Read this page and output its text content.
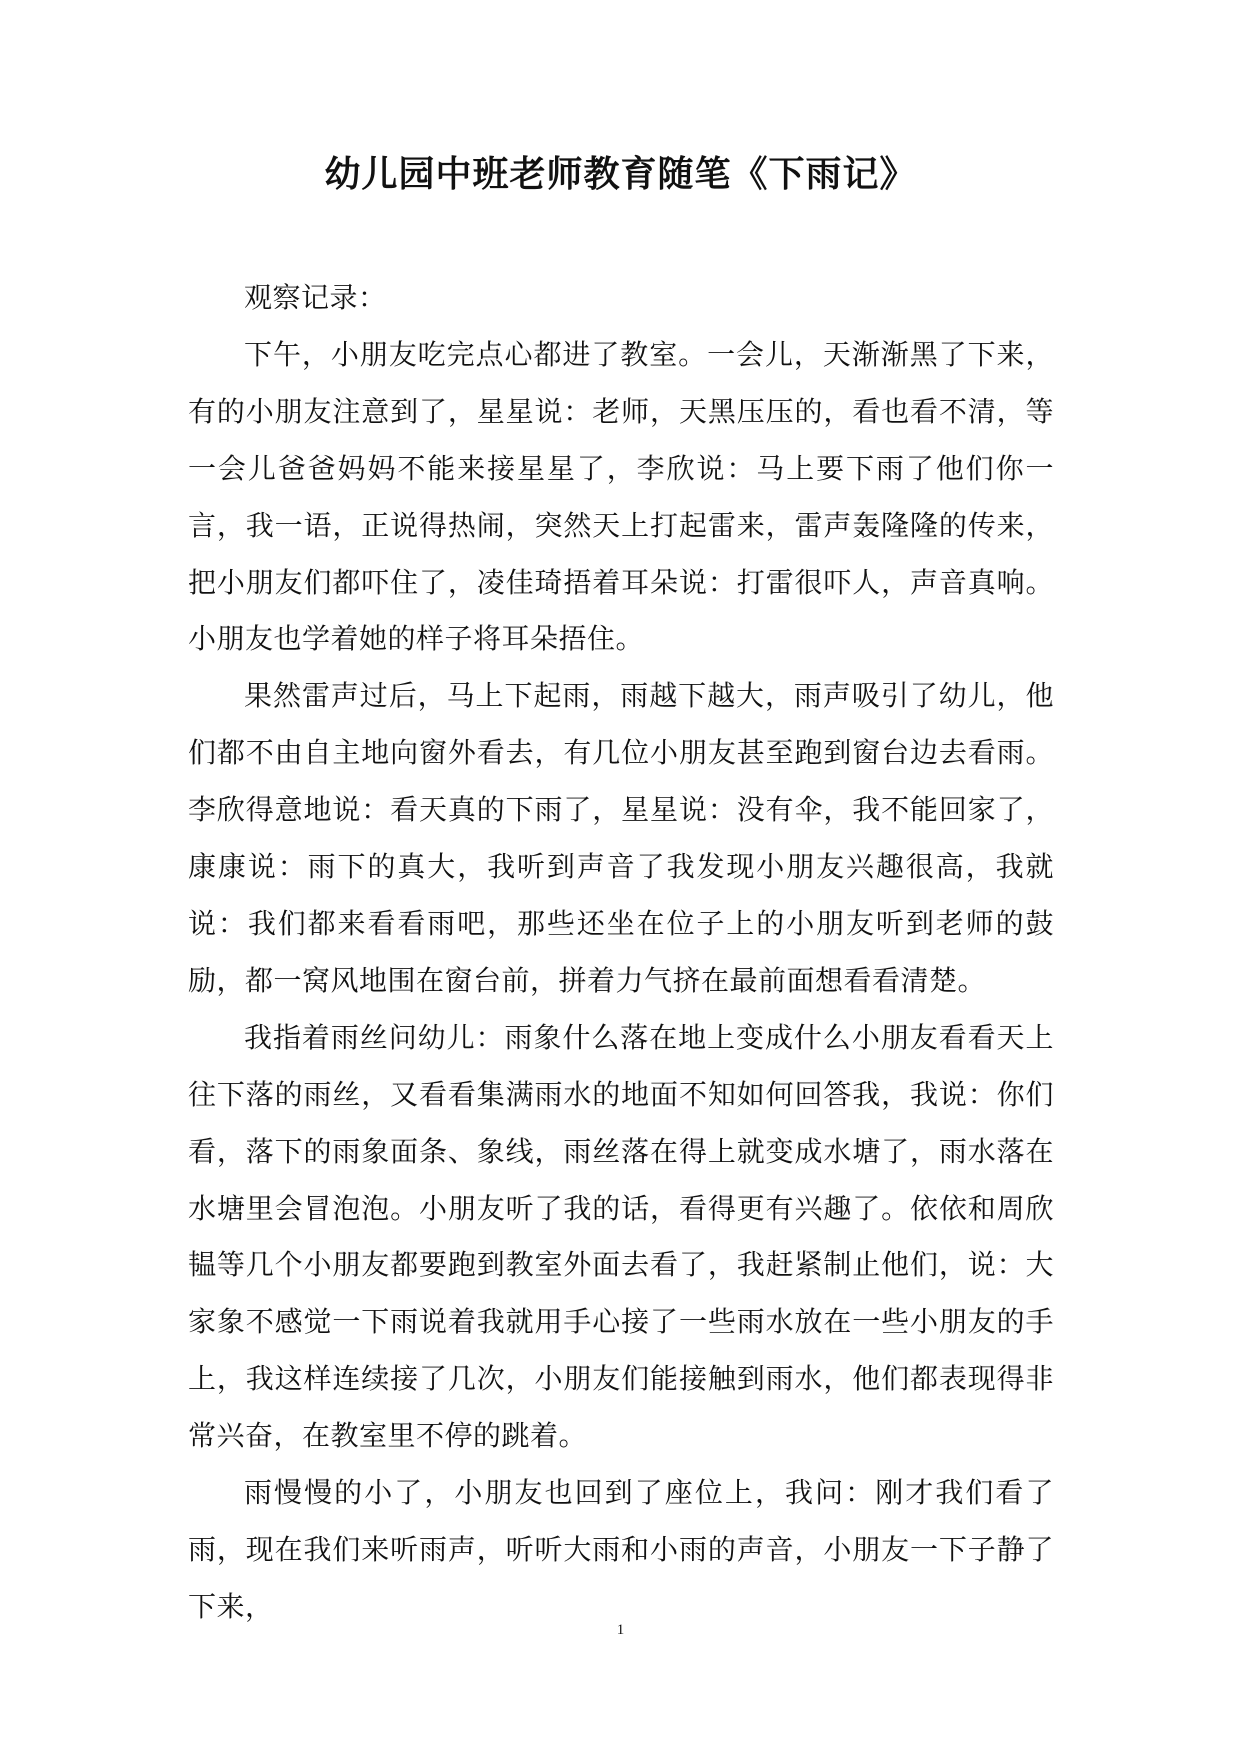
幼儿园中班老师教育随笔《下雨记》

观察记录：

下午，小朋友吃完点心都进了教室。一会儿，天渐渐黑了下来，有的小朋友注意到了，星星说：老师，天黑压压的，看也看不清，等一会儿爸爸妈妈不能来接星星了，李欣说：马上要下雨了他们你一言，我一语，正说得热闹，突然天上打起雷来，雷声轰隆隆的传来，把小朋友们都吓住了，凌佳琦捂着耳朵说：打雷很吓人，声音真响。小朋友也学着她的样子将耳朵捂住。

果然雷声过后，马上下起雨，雨越下越大，雨声吸引了幼儿，他们都不由自主地向窗外看去，有几位小朋友甚至跑到窗台边去看雨。李欣得意地说：看天真的下雨了，星星说：没有伞，我不能回家了，康康说：雨下的真大，我听到声音了我发现小朋友兴趣很高，我就说：我们都来看看雨吧，那些还坐在位子上的小朋友听到老师的鼓励，都一窝风地围在窗台前，拼着力气挤在最前面想看看清楚。

我指着雨丝问幼儿：雨象什么落在地上变成什么小朋友看看天上往下落的雨丝，又看看集满雨水的地面不知如何回答我，我说：你们看，落下的雨象面条、象线，雨丝落在得上就变成水塘了，雨水落在水塘里会冒泡泡。小朋友听了我的话，看得更有兴趣了。依依和周欣韫等几个小朋友都要跑到教室外面去看了，我赶紧制止他们，说：大家象不感觉一下雨说着我就用手心接了一些雨水放在一些小朋友的手上，我这样连续接了几次，小朋友们能接触到雨水，他们都表现得非常兴奋，在教室里不停的跳着。

雨慢慢的小了，小朋友也回到了座位上，我问：刚才我们看了雨，现在我们来听雨声，听听大雨和小雨的声音，小朋友一下子静了下来，

1
